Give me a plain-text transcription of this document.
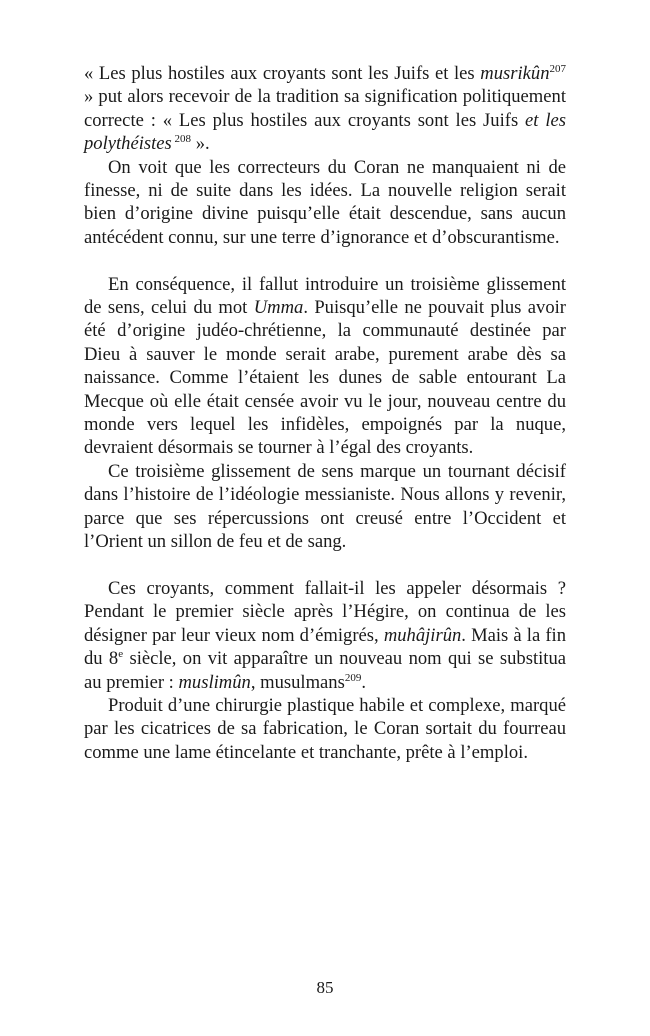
« Les plus hostiles aux croyants sont les Juifs et les musrikûn$^{207}$ » put alors recevoir de la tradition sa signification politiquement correcte : « Les plus hostiles aux croyants sont les Juifs et les polythéistes $^{208}$ ».

On voit que les correcteurs du Coran ne manquaient ni de finesse, ni de suite dans les idées. La nouvelle religion serait bien d’origine divine puisqu’elle était descendue, sans aucun antécédent connu, sur une terre d’ignorance et d’obscurantisme.

En conséquence, il fallut introduire un troisième glissement de sens, celui du mot Umma. Puisqu’elle ne pouvait plus avoir été d’origine judéo-chrétienne, la communauté destinée par Dieu à sauver le monde serait arabe, purement arabe dès sa naissance. Comme l’étaient les dunes de sable entourant La Mecque où elle était censée avoir vu le jour, nouveau centre du monde vers lequel les infidèles, empoignés par la nuque, devraient désormais se tourner à l’égal des croyants.

Ce troisième glissement de sens marque un tournant décisif dans l’histoire de l’idéologie messianiste. Nous allons y revenir, parce que ses répercussions ont creusé entre l’Occident et l’Orient un sillon de feu et de sang.

Ces croyants, comment fallait-il les appeler désormais ? Pendant le premier siècle après l’Hégire, on continua de les désigner par leur vieux nom d’émigrés, muhâjirûn. Mais à la fin du 8e siècle, on vit apparaître un nouveau nom qui se substitua au premier : muslimûn, musulmans$^{209}$.

Produit d’une chirurgie plastique habile et complexe, marqué par les cicatrices de sa fabrication, le Coran sortait du fourreau comme une lame étincelante et tranchante, prête à l’emploi.

85
